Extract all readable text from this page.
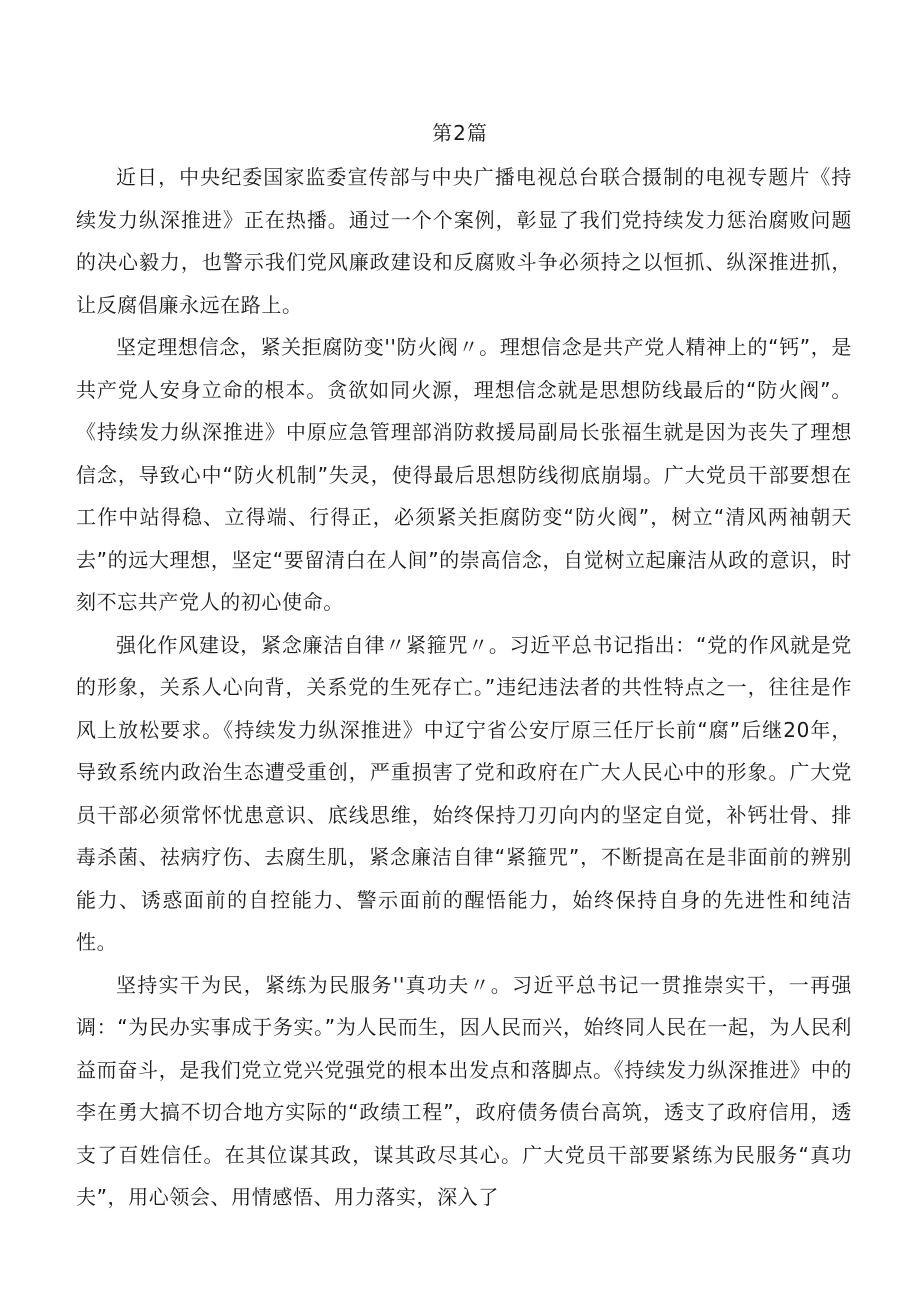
第2篇

近日，中央纪委国家监委宣传部与中央广播电视总台联合摄制的电视专题片《持续发力纵深推进》正在热播。通过一个个案例，彰显了我们党持续发力惩治腐败问题的决心毅力，也警示我们党风廉政建设和反腐败斗争必须持之以恒抓、纵深推进抓，让反腐倡廉永远在路上。

坚定理想信念，紧关拒腐防变''防火阀〃。理想信念是共产党人精神上的“钙”，是共产党人安身立命的根本。贪欲如同火源，理想信念就是思想防线最后的“防火阀”。《持续发力纵深推进》中原应急管理部消防救援局副局长张福生就是因为丧失了理想信念，导致心中“防火机制”失灵，使得最后思想防线彻底崩塌。广大党员干部要想在工作中站得稳、立得端、行得正，必须紧关拒腐防变“防火阀”，树立“清风两袖朝天去”的远大理想，坚定“要留清白在人间”的崇高信念，自觉树立起廉洁从政的意识，时刻不忘共产党人的初心使命。

强化作风建设，紧念廉洁自律〃紧箍咒〃。习近平总书记指出：“党的作风就是党的形象，关系人心向背，关系党的生死存亡。”违纪违法者的共性特点之一，往往是作风上放松要求。《持续发力纵深推进》中辽宁省公安厅原三任厅长前“腐”后继20年，导致系统内政治生态遭受重创，严重损害了党和政府在广大人民心中的形象。广大党员干部必须常怀忧患意识、底线思维，始终保持刀刃向内的坚定自觉，补钙壮骨、排毒杀菌、祛病疗伤、去腐生肌，紧念廉洁自律“紧箍咒”，不断提高在是非面前的辨别能力、诱惑面前的自控能力、警示面前的醒悟能力，始终保持自身的先进性和纯洁性。

坚持实干为民，紧练为民服务''真功夫〃。习近平总书记一贯推崇实干，一再强调：“为民办实事成于务实。”为人民而生，因人民而兴，始终同人民在一起，为人民利益而奋斗，是我们党立党兴党强党的根本出发点和落脚点。《持续发力纵深推进》中的李在勇大搞不切合地方实际的“政绩工程”，政府债务债台高筑，透支了政府信用，透支了百姓信任。在其位谋其政，谋其政尽其心。广大党员干部要紧练为民服务“真功夫”，用心领会、用情感悟、用力落实，深入了
